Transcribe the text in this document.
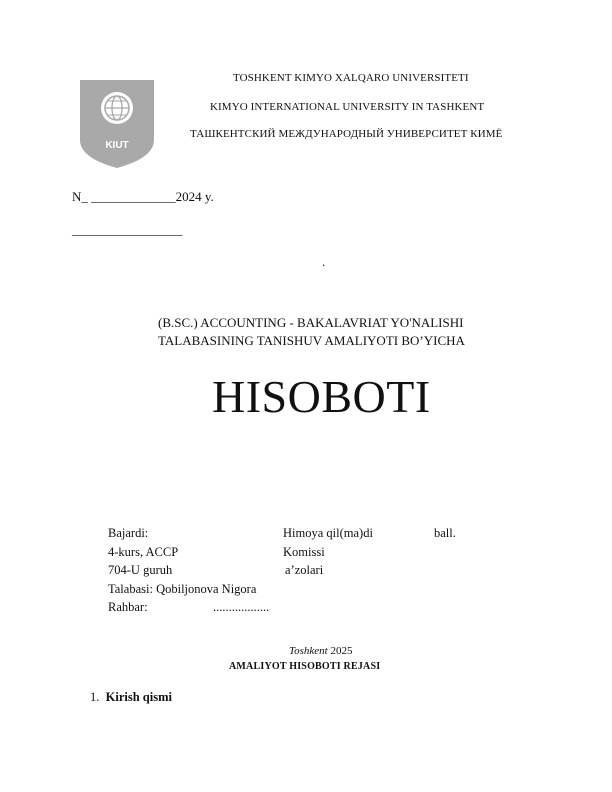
KIUT
TOSHKENT KIMYO XALQARO UNIVERSITETI
KIMYO INTERNATIONAL UNIVERSITY IN TASHKENT
ТАШКЕНТСКИЙ МЕЖДУНАРОДНЫЙ УНИВЕРСИТЕТ КИМЁ
N_ _____________2024 y.
_________________
.
(B.SC.) ACCOUNTING - BAKALAVRIAT YO'NALISHI
TALABASINING TANISHUV AMALIYOTI BO’YICHA
HISOBOTI
Bajardi:	Himoya qil(ma)di	ball.
4-kurs, ACCP	Komissi
704-U guruh	a’zolari
Talabasi: Qobiljonova Nigora
Rahbar:	..................
Toshkent 2025
AMALIYOT HISOBOTI REJASI
1. Kirish qismi
